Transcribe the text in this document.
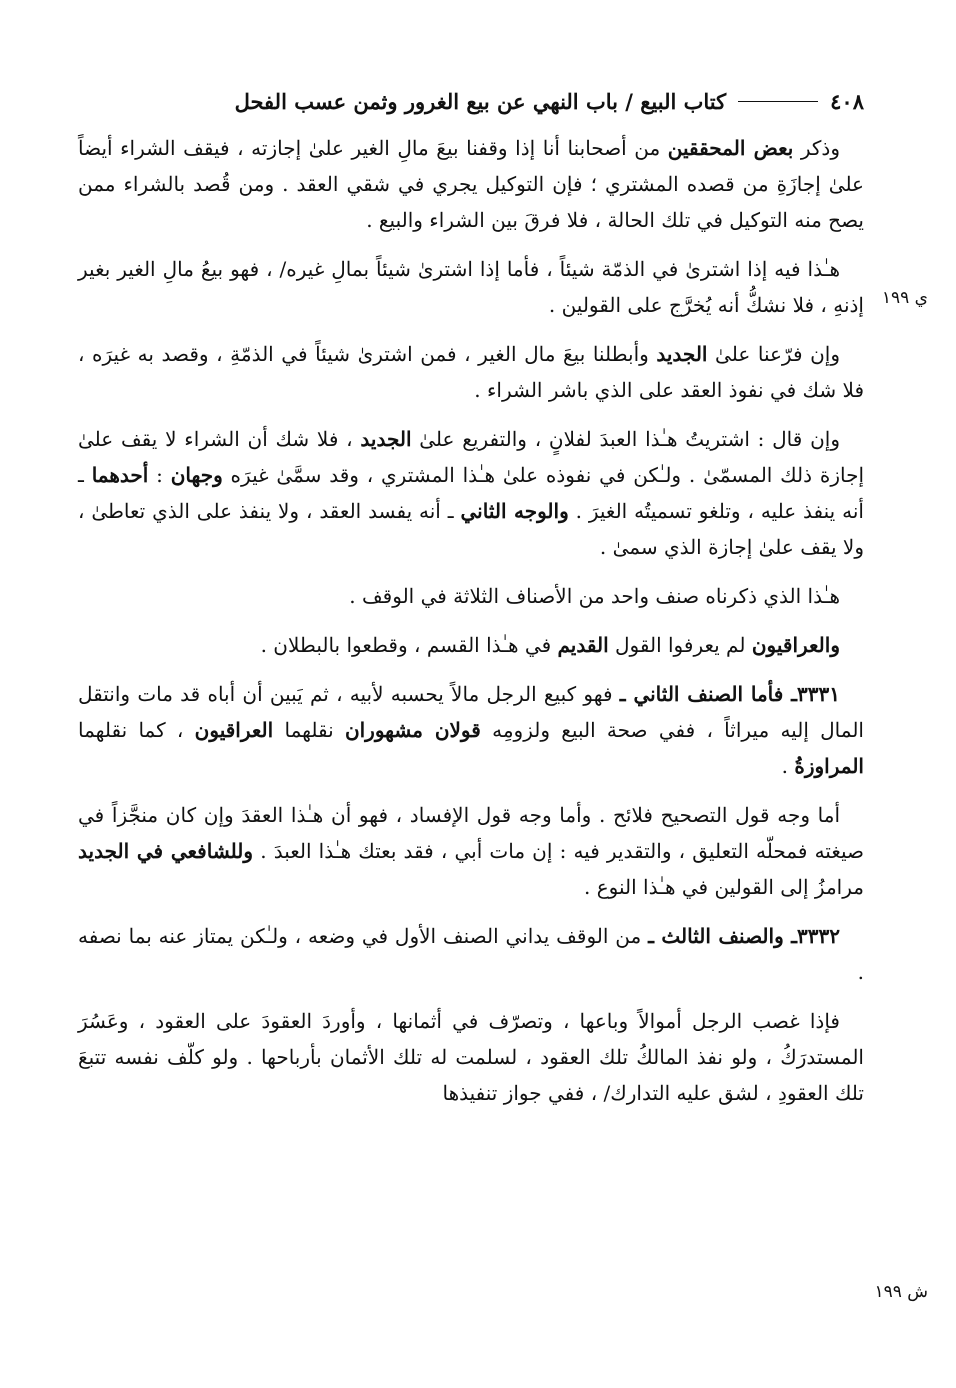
٤٠٨
كتاب البيع / باب النهي عن بيع الغرور وثمن عسب الفحل
ي ١٩٩
ش ١٩٩

وذكر بعض المحققين من أصحابنا أنا إذا وقفنا بيعَ مالِ الغير علىٰ إجازته ، فيقف الشراء أيضاً علىٰ إجازَةِ من قصده المشتري ؛ فإن التوكيل يجري في شقي العقد . ومن قُصد بالشراء ممن يصح منه التوكيل في تلك الحالة ، فلا فرقَ بين الشراء والبيع .

هـٰذا فيه إذا اشترىٰ في الذمّة شيئاً ، فأما إذا اشترىٰ شيئاً بمالِ غيره/ ، فهو بيعُ مالِ الغير بغير إذنهِ ، فلا نشكُّ أنه يُخرَّج على القولين .

وإن فرّعنا علىٰ الجديد وأبطلنا بيعَ مال الغير ، فمن اشترىٰ شيئاً في الذمّةِ ، وقصد به غيرَه ، فلا شك في نفوذ العقد على الذي باشر الشراء .

وإن قال : اشتريتُ هـٰذا العبدَ لفلانٍ ، والتفريع علىٰ الجديد ، فلا شك أن الشراء لا يقف علىٰ إجازة ذلك المسمّىٰ . ولـٰكن في نفوذه علىٰ هـٰذا المشتري ، وقد سمَّىٰ غيرَه وجهان : أحدهما ـ أنه ينفذ عليه ، وتلغو تسميتُه الغيرَ . والوجه الثاني ـ أنه يفسد العقد ، ولا ينفذ على الذي تعاطىٰ ، ولا يقف علىٰ إجازة الذي سمىٰ .

هـٰذا الذي ذكرناه صنف واحد من الأصناف الثلاثة في الوقف .

والعراقيون لم يعرفوا القول القديم في هـٰذا القسم ، وقطعوا بالبطلان .

٣٣٣١ـ فأما الصنف الثاني ـ فهو كبيع الرجل مالاً يحسبه لأبيه ، ثم يَبين أن أباه قد مات وانتقل المال إليه ميراثاً ، ففي صحة البيع ولزومِه قولان مشهوران نقلهما العراقيون ، كما نقلهما المراوزةُ .

أما وجه قول التصحيح فلائح . وأما وجه قول الإفساد ، فهو أن هـٰذا العقدَ وإن كان منجَّزاً في صيغته فمحلّه التعليق ، والتقدير فيه : إن مات أبي ، فقد بعتك هـٰذا العبدَ . وللشافعي في الجديد مرامزُ إلى القولين في هـٰذا النوع .

٣٣٣٢ـ والصنف الثالث ـ من الوقف يداني الصنف الأول في وضعه ، ولـٰكن يمتاز عنه بما نصفه .

فإذا غصب الرجل أموالاً وباعها ، وتصرّف في أثمانها ، وأوردَ العقودَ على العقود ، وعَسُرَ المستدرَكُ ، ولو نفذ المالكُ تلك العقود ، لسلمت له تلك الأثمان بأرباحها . ولو كلّف نفسه تتبعَ تلك العقودِ ، لشق عليه التدارك/ ، ففي جواز تنفيذها
